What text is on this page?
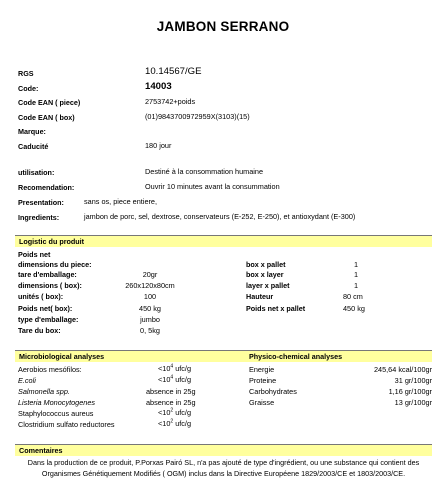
JAMBON SERRANO
RGS	10.14567/GE
Code:	14003
Code EAN ( piece)	2753742+poids
Code EAN ( box)	(01)9843700972959X(3103)(15)
Marque:
Caducité	180 jour
utilisation:	Destiné à la consommation humaine
Recomendation:	Ouvrir 10 minutes avant la consummation
Presentation:	sans os, piece entiere,
Ingredients:	jambon de porc, sel, dextrose, conservateurs (E-252, E-250), et antioxydant (E-300)
Logistic du produit
Poids net
dimensions du piece:
tare d'emballage:	20gr
dimensions ( box):	260x120x80cm
unités ( box):	100
Poids net( box):	450 kg
type d'emballage:	jumbo
Tare du box:	0, 5kg
box x pallet	1
box x layer	1
layer x pallet	1
Hauteur	80 cm
Poids net x pallet	450 kg
Microbiological analyses	Physico-chemical analyses
Aerobios mesófilos:	$<10^4$ ufc/g
E.coli	$<10^4$ ufc/g
Salmonella spp.	absence in 25g
Listeria Monocytogenes	absence in 25g
Staphylococcus aureus	$<10^2$ ufc/g
Clostridium sulfato reductores	$<10^2$ ufc/g
Energie	245,64 kcal/100gr
Proteine	31 gr/100gr
Carbohydrates	1,16 gr/100gr
Graisse	13 gr/100gr
Comentaires
Dans la production de ce produit, P.Porxas Pairó SL, n'a pas ajouté de type d'ingrédient, ou une substance qui contient des Organismes Génétiquement Modifiés ( OGM) inclus dans la Directive Européene 1829/2003/CE et 1803/2003/CE.
